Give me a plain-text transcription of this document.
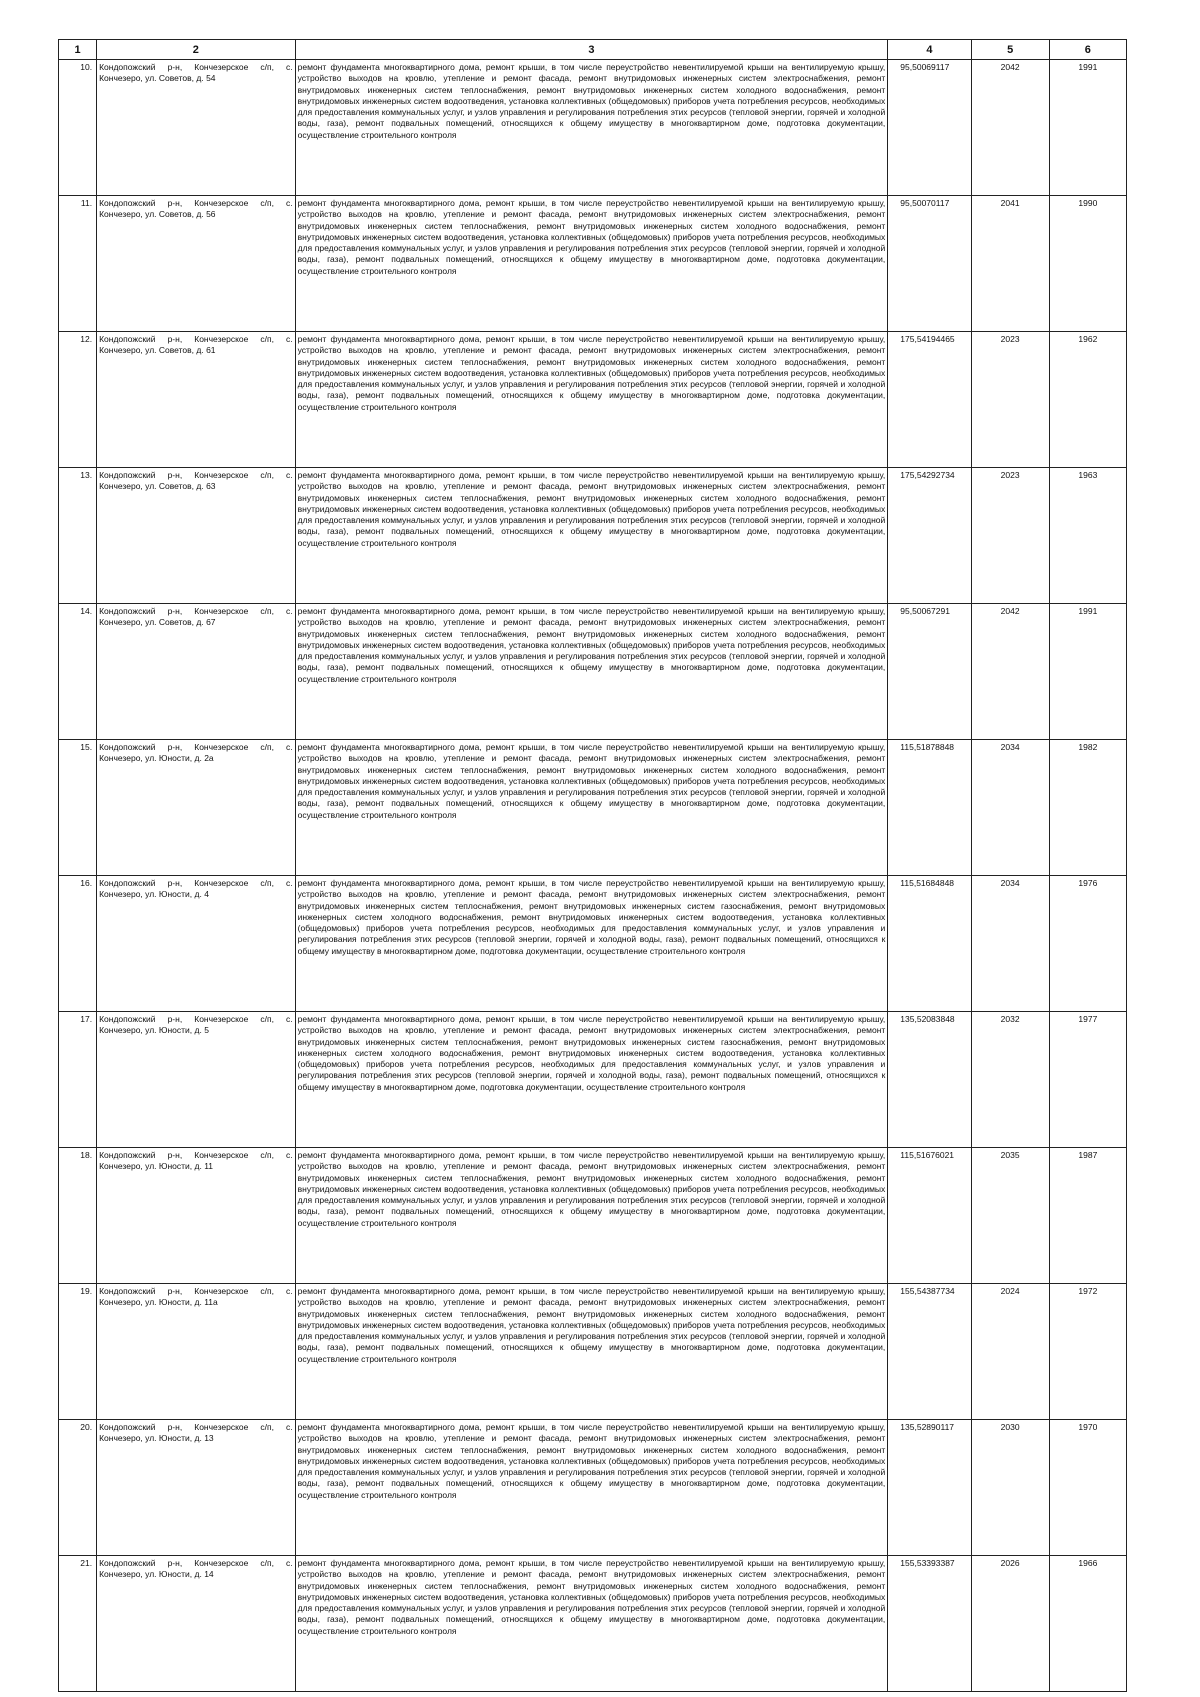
1	2	3	4	5	6
10.	Кондопожский р-н, Кончезерское с/п, с. Кончезеро, ул. Советов, д. 54	ремонт фундамента многоквартирного дома, ремонт крыши, в том числе переустройство невентилируемой крыши на вентилируемую крышу, устройство выходов на кровлю, утепление и ремонт фасада, ремонт внутридомовых инженерных систем электроснабжения, ремонт внутридомовых инженерных систем теплоснабжения, ремонт внутридомовых инженерных систем холодного водоснабжения, ремонт внутридомовых инженерных систем водоотведения, установка коллективных (общедомовых) приборов учета потребления ресурсов, необходимых для предоставления коммунальных услуг, и узлов управления и регулирования потребления этих ресурсов (тепловой энергии, горячей и холодной воды, газа), ремонт подвальных помещений, относящихся к общему имуществу в многоквартирном доме, подготовка документации, осуществление строительного контроля	95,50069117	2042	1991
11.	Кондопожский р-н, Кончезерское с/п, с. Кончезеро, ул. Советов, д. 56	ремонт фундамента многоквартирного дома, ремонт крыши, в том числе переустройство невентилируемой крыши на вентилируемую крышу, устройство выходов на кровлю, утепление и ремонт фасада, ремонт внутридомовых инженерных систем электроснабжения, ремонт внутридомовых инженерных систем теплоснабжения, ремонт внутридомовых инженерных систем холодного водоснабжения, ремонт внутридомовых инженерных систем водоотведения, установка коллективных (общедомовых) приборов учета потребления ресурсов, необходимых для предоставления коммунальных услуг, и узлов управления и регулирования потребления этих ресурсов (тепловой энергии, горячей и холодной воды, газа), ремонт подвальных помещений, относящихся к общему имуществу в многоквартирном доме, подготовка документации, осуществление строительного контроля	95,50070117	2041	1990
12.	Кондопожский р-н, Кончезерское с/п, с. Кончезеро, ул. Советов, д. 61	ремонт фундамента многоквартирного дома, ремонт крыши, в том числе переустройство невентилируемой крыши на вентилируемую крышу, устройство выходов на кровлю, утепление и ремонт фасада, ремонт внутридомовых инженерных систем электроснабжения, ремонт внутридомовых инженерных систем теплоснабжения, ремонт внутридомовых инженерных систем холодного водоснабжения, ремонт внутридомовых инженерных систем водоотведения, установка коллективных (общедомовых) приборов учета потребления ресурсов, необходимых для предоставления коммунальных услуг, и узлов управления и регулирования потребления этих ресурсов (тепловой энергии, горячей и холодной воды, газа), ремонт подвальных помещений, относящихся к общему имуществу в многоквартирном доме, подготовка документации, осуществление строительного контроля	175,54194465	2023	1962
13.	Кондопожский р-н, Кончезерское с/п, с. Кончезеро, ул. Советов, д. 63	ремонт фундамента многоквартирного дома, ремонт крыши, в том числе переустройство невентилируемой крыши на вентилируемую крышу, устройство выходов на кровлю, утепление и ремонт фасада, ремонт внутридомовых инженерных систем электроснабжения, ремонт внутридомовых инженерных систем теплоснабжения, ремонт внутридомовых инженерных систем холодного водоснабжения, ремонт внутридомовых инженерных систем водоотведения, установка коллективных (общедомовых) приборов учета потребления ресурсов, необходимых для предоставления коммунальных услуг, и узлов управления и регулирования потребления этих ресурсов (тепловой энергии, горячей и холодной воды, газа), ремонт подвальных помещений, относящихся к общему имуществу в многоквартирном доме, подготовка документации, осуществление строительного контроля	175,54292734	2023	1963
14.	Кондопожский р-н, Кончезерское с/п, с. Кончезеро, ул. Советов, д. 67	ремонт фундамента многоквартирного дома, ремонт крыши, в том числе переустройство невентилируемой крыши на вентилируемую крышу, устройство выходов на кровлю, утепление и ремонт фасада, ремонт внутридомовых инженерных систем электроснабжения, ремонт внутридомовых инженерных систем теплоснабжения, ремонт внутридомовых инженерных систем холодного водоснабжения, ремонт внутридомовых инженерных систем водоотведения, установка коллективных (общедомовых) приборов учета потребления ресурсов, необходимых для предоставления коммунальных услуг, и узлов управления и регулирования потребления этих ресурсов (тепловой энергии, горячей и холодной воды, газа), ремонт подвальных помещений, относящихся к общему имуществу в многоквартирном доме, подготовка документации, осуществление строительного контроля	95,50067291	2042	1991
15.	Кондопожский р-н, Кончезерское с/п, с. Кончезеро, ул. Юности, д. 2а	ремонт фундамента многоквартирного дома, ремонт крыши, в том числе переустройство невентилируемой крыши на вентилируемую крышу, устройство выходов на кровлю, утепление и ремонт фасада, ремонт внутридомовых инженерных систем электроснабжения, ремонт внутридомовых инженерных систем теплоснабжения, ремонт внутридомовых инженерных систем холодного водоснабжения, ремонт внутридомовых инженерных систем водоотведения, установка коллективных (общедомовых) приборов учета потребления ресурсов, необходимых для предоставления коммунальных услуг, и узлов управления и регулирования потребления этих ресурсов (тепловой энергии, горячей и холодной воды, газа), ремонт подвальных помещений, относящихся к общему имуществу в многоквартирном доме, подготовка документации, осуществление строительного контроля	115,51878848	2034	1982
16.	Кондопожский р-н, Кончезерское с/п, с. Кончезеро, ул. Юности, д. 4	ремонт фундамента многоквартирного дома, ремонт крыши, в том числе переустройство невентилируемой крыши на вентилируемую крышу, устройство выходов на кровлю, утепление и ремонт фасада, ремонт внутридомовых инженерных систем электроснабжения, ремонт внутридомовых инженерных систем теплоснабжения, ремонт внутридомовых инженерных систем газоснабжения, ремонт внутридомовых инженерных систем холодного водоснабжения, ремонт внутридомовых инженерных систем водоотведения, установка коллективных (общедомовых) приборов учета потребления ресурсов, необходимых для предоставления коммунальных услуг, и узлов управления и регулирования потребления этих ресурсов (тепловой энергии, горячей и холодной воды, газа), ремонт подвальных помещений, относящихся к общему имуществу в многоквартирном доме, подготовка документации, осуществление строительного контроля	115,51684848	2034	1976
17.	Кондопожский р-н, Кончезерское с/п, с. Кончезеро, ул. Юности, д. 5	ремонт фундамента многоквартирного дома, ремонт крыши, в том числе переустройство невентилируемой крыши на вентилируемую крышу, устройство выходов на кровлю, утепление и ремонт фасада, ремонт внутридомовых инженерных систем электроснабжения, ремонт внутридомовых инженерных систем теплоснабжения, ремонт внутридомовых инженерных систем газоснабжения, ремонт внутридомовых инженерных систем холодного водоснабжения, ремонт внутридомовых инженерных систем водоотведения, установка коллективных (общедомовых) приборов учета потребления ресурсов, необходимых для предоставления коммунальных услуг, и узлов управления и регулирования потребления этих ресурсов (тепловой энергии, горячей и холодной воды, газа), ремонт подвальных помещений, относящихся к общему имуществу в многоквартирном доме, подготовка документации, осуществление строительного контроля	135,52083848	2032	1977
18.	Кондопожский р-н, Кончезерское с/п, с. Кончезеро, ул. Юности, д. 11	ремонт фундамента многоквартирного дома, ремонт крыши, в том числе переустройство невентилируемой крыши на вентилируемую крышу, устройство выходов на кровлю, утепление и ремонт фасада, ремонт внутридомовых инженерных систем электроснабжения, ремонт внутридомовых инженерных систем теплоснабжения, ремонт внутридомовых инженерных систем холодного водоснабжения, ремонт внутридомовых инженерных систем водоотведения, установка коллективных (общедомовых) приборов учета потребления ресурсов, необходимых для предоставления коммунальных услуг, и узлов управления и регулирования потребления этих ресурсов (тепловой энергии, горячей и холодной воды, газа), ремонт подвальных помещений, относящихся к общему имуществу в многоквартирном доме, подготовка документации, осуществление строительного контроля	115,51676021	2035	1987
19.	Кондопожский р-н, Кончезерское с/п, с. Кончезеро, ул. Юности, д. 11а	ремонт фундамента многоквартирного дома, ремонт крыши, в том числе переустройство невентилируемой крыши на вентилируемую крышу, устройство выходов на кровлю, утепление и ремонт фасада, ремонт внутридомовых инженерных систем электроснабжения, ремонт внутридомовых инженерных систем теплоснабжения, ремонт внутридомовых инженерных систем холодного водоснабжения, ремонт внутридомовых инженерных систем водоотведения, установка коллективных (общедомовых) приборов учета потребления ресурсов, необходимых для предоставления коммунальных услуг, и узлов управления и регулирования потребления этих ресурсов (тепловой энергии, горячей и холодной воды, газа), ремонт подвальных помещений, относящихся к общему имуществу в многоквартирном доме, подготовка документации, осуществление строительного контроля	155,54387734	2024	1972
20.	Кондопожский р-н, Кончезерское с/п, с. Кончезеро, ул. Юности, д. 13	ремонт фундамента многоквартирного дома, ремонт крыши, в том числе переустройство невентилируемой крыши на вентилируемую крышу, устройство выходов на кровлю, утепление и ремонт фасада, ремонт внутридомовых инженерных систем электроснабжения, ремонт внутридомовых инженерных систем теплоснабжения, ремонт внутридомовых инженерных систем холодного водоснабжения, ремонт внутридомовых инженерных систем водоотведения, установка коллективных (общедомовых) приборов учета потребления ресурсов, необходимых для предоставления коммунальных услуг, и узлов управления и регулирования потребления этих ресурсов (тепловой энергии, горячей и холодной воды, газа), ремонт подвальных помещений, относящихся к общему имуществу в многоквартирном доме, подготовка документации, осуществление строительного контроля	135,52890117	2030	1970
21.	Кондопожский р-н, Кончезерское с/п, с. Кончезеро, ул. Юности, д. 14	ремонт фундамента многоквартирного дома, ремонт крыши, в том числе переустройство невентилируемой крыши на вентилируемую крышу, устройство выходов на кровлю, утепление и ремонт фасада, ремонт внутридомовых инженерных систем электроснабжения, ремонт внутридомовых инженерных систем теплоснабжения, ремонт внутридомовых инженерных систем холодного водоснабжения, ремонт внутридомовых инженерных систем водоотведения, установка коллективных (общедомовых) приборов учета потребления ресурсов, необходимых для предоставления коммунальных услуг, и узлов управления и регулирования потребления этих ресурсов (тепловой энергии, горячей и холодной воды, газа), ремонт подвальных помещений, относящихся к общему имуществу в многоквартирном доме, подготовка документации, осуществление строительного контроля	155,53393387	2026	1966
